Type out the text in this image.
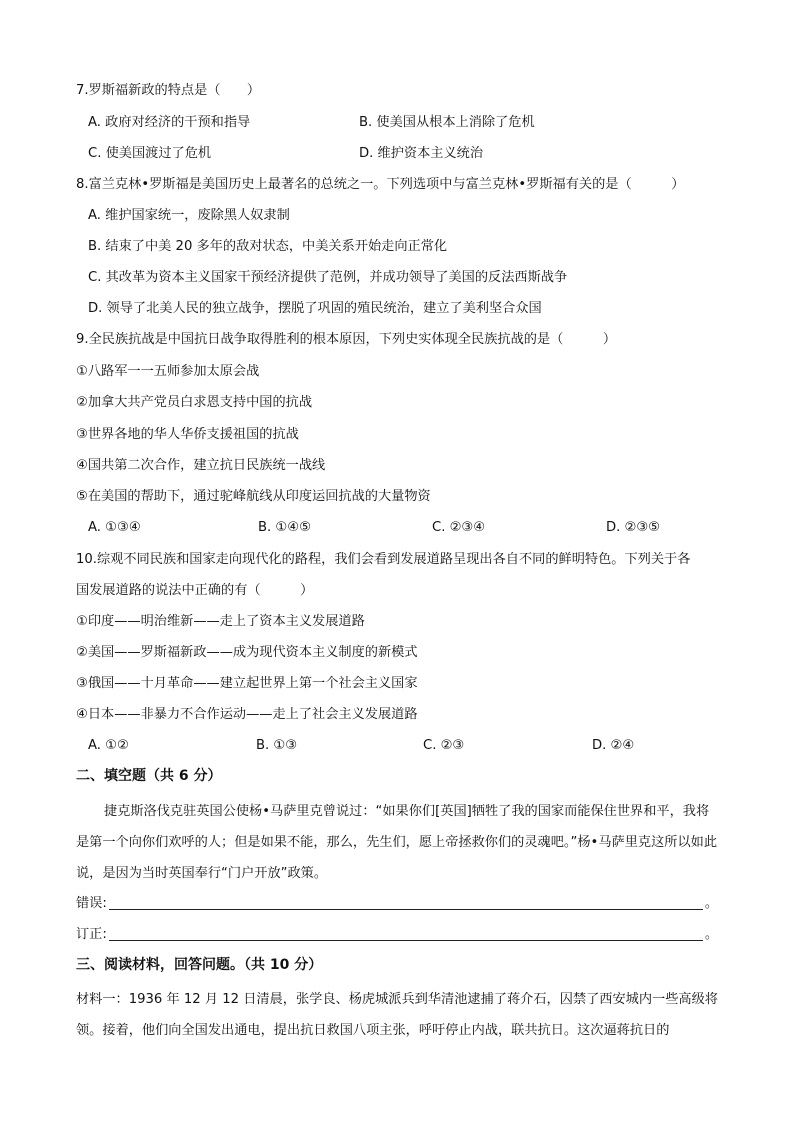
7.罗斯福新政的特点是（　　）
A. 政府对经济的干预和指导	B. 使美国从根本上消除了危机
C. 使美国渡过了危机	D. 维护资本主义统治
8.富兰克林•罗斯福是美国历史上最著名的总统之一。下列选项中与富兰克林•罗斯福有关的是（　　　）
A. 维护国家统一，废除黑人奴隶制
B. 结束了中美 20 多年的敌对状态，中美关系开始走向正常化
C. 其改革为资本主义国家干预经济提供了范例，并成功领导了美国的反法西斯战争
D. 领导了北美人民的独立战争，摆脱了巩固的殖民统治，建立了美利坚合众国
9.全民族抗战是中国抗日战争取得胜利的根本原因，下列史实体现全民族抗战的是（　　　）
①八路军一一五师参加太原会战
②加拿大共产党员白求恩支持中国的抗战
③世界各地的华人华侨支援祖国的抗战
④国共第二次合作，建立抗日民族统一战线
⑤在美国的帮助下，通过驼峰航线从印度运回抗战的大量物资
A. ①③④	B. ①④⑤	C. ②③④	D. ②③⑤
10.综观不同民族和国家走向现代化的路程，我们会看到发展道路呈现出各自不同的鲜明特色。下列关于各
国发展道路的说法中正确的有（　　　）
①印度——明治维新——走上了资本主义发展道路
②美国——罗斯福新政——成为现代资本主义制度的新模式
③俄国——十月革命——建立起世界上第一个社会主义国家
④日本——非暴力不合作运动——走上了社会主义发展道路
A. ①②	B. ①③	C. ②③	D. ②④
二、填空题（共 6 分）
捷克斯洛伐克驻英国公使杨•马萨里克曾说过：“如果你们[英国]牺牲了我的国家而能保住世界和平，我将是第一个向你们欢呼的人；但是如果不能，那么，先生们，愿上帝拯救你们的灵魂吧。”杨•马萨里克这所以如此说，是因为当时英国奉行“门户开放”政策。
错误:	。
订正:	。
三、阅读材料，回答问题。（共 10 分）
材料一：1936 年 12 月 12 日清晨，张学良、杨虎城派兵到华清池逮捕了蒋介石，囚禁了西安城内一些高级将领。接着，他们向全国发出通电，提出抗日救国八项主张，呼吁停止内战，联共抗日。这次逼蒋抗日的
